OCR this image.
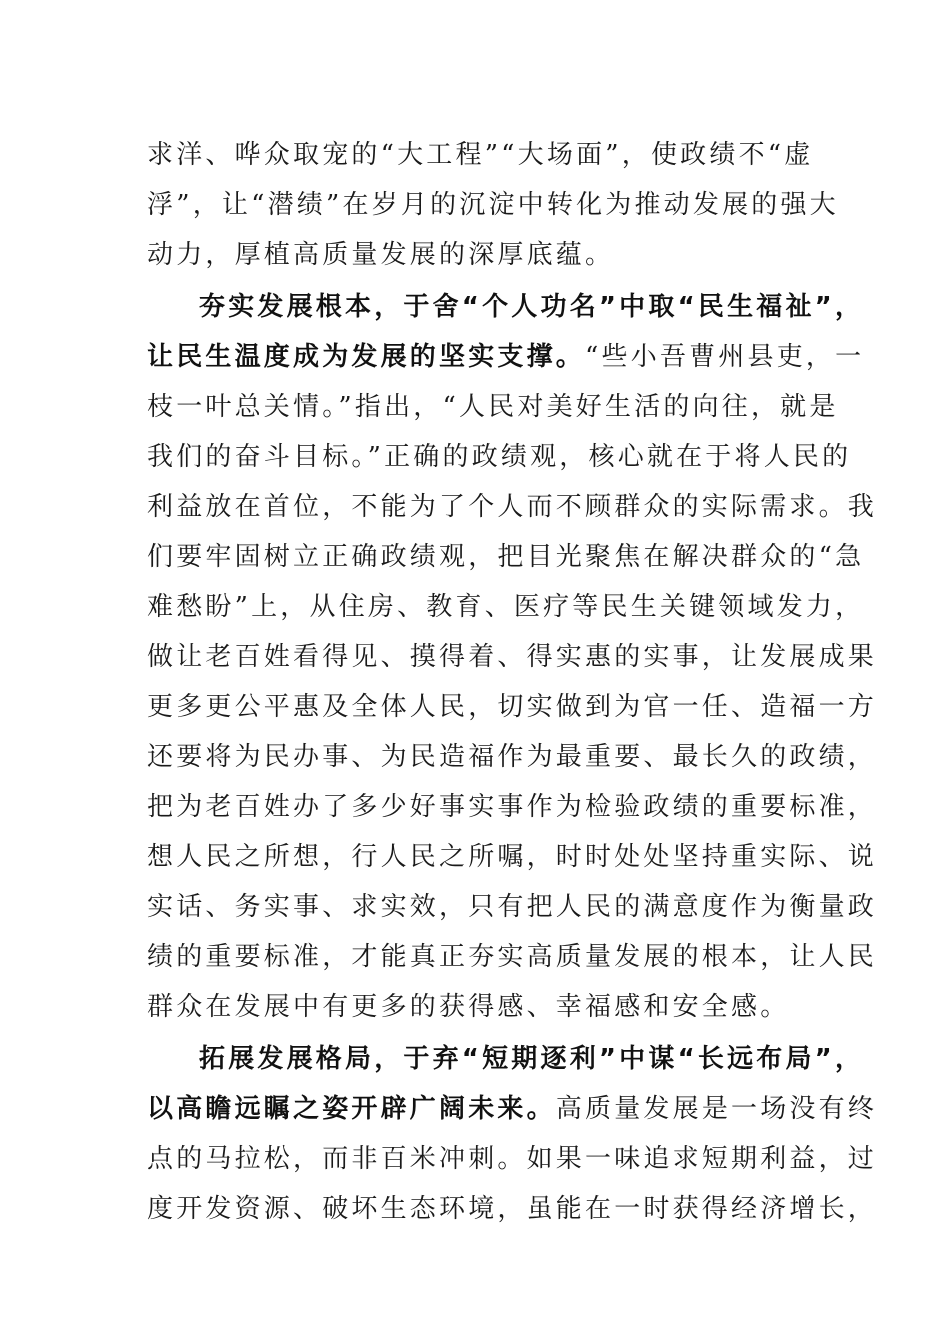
求洋、哗众取宠的“大工程”“大场面”，使政绩不“虚
浮”，让“潜绩”在岁月的沉淀中转化为推动发展的强大
动力，厚植高质量发展的深厚底蕴。
夯实发展根本，于舍“个人功名”中取“民生福祉”，
让民生温度成为发展的坚实支撑。“些小吾曹州县吏，一
枝一叶总关情。”指出，“人民对美好生活的向往，就是
我们的奋斗目标。”正确的政绩观，核心就在于将人民的
利益放在首位，不能为了个人而不顾群众的实际需求。我
们要牢固树立正确政绩观，把目光聚焦在解决群众的“急
难愁盼”上，从住房、教育、医疗等民生关键领域发力，
做让老百姓看得见、摸得着、得实惠的实事，让发展成果
更多更公平惠及全体人民，切实做到为官一任、造福一方
还要将为民办事、为民造福作为最重要、最长久的政绩，
把为老百姓办了多少好事实事作为检验政绩的重要标准，
想人民之所想，行人民之所嘱，时时处处坚持重实际、说
实话、务实事、求实效，只有把人民的满意度作为衡量政
绩的重要标准，才能真正夯实高质量发展的根本，让人民
群众在发展中有更多的获得感、幸福感和安全感。
拓展发展格局，于弃“短期逐利”中谋“长远布局”，
以高瞻远瞩之姿开辟广阔未来。高质量发展是一场没有终
点的马拉松，而非百米冲刺。如果一味追求短期利益，过
度开发资源、破坏生态环境，虽能在一时获得经济增长，
